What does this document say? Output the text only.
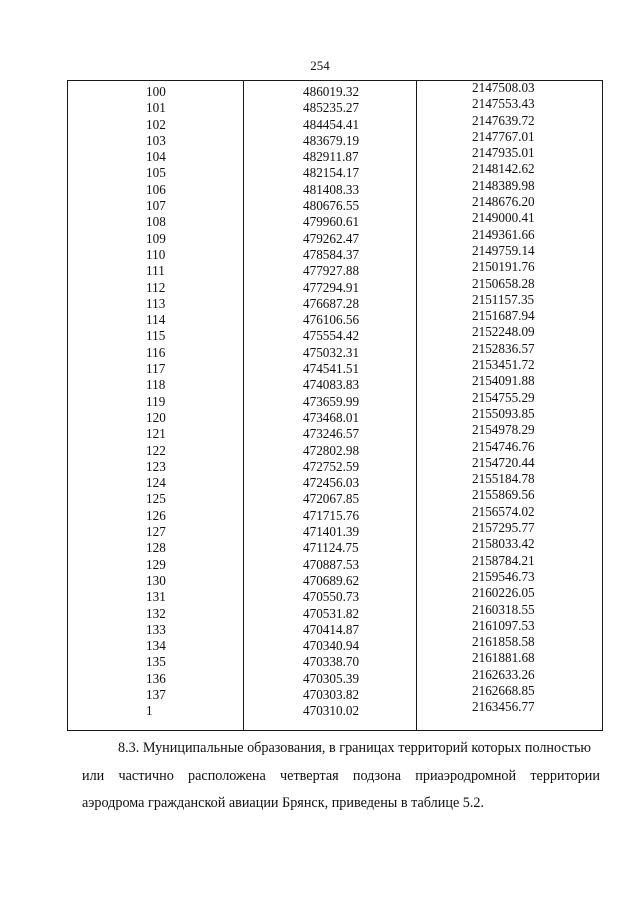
254
100	486019.32	2147508.03
101	485235.27	2147553.43
102	484454.41	2147639.72
103	483679.19	2147767.01
104	482911.87	2147935.01
105	482154.17	2148142.62
106	481408.33	2148389.98
107	480676.55	2148676.20
108	479960.61	2149000.41
109	479262.47	2149361.66
110	478584.37	2149759.14
111	477927.88	2150191.76
112	477294.91	2150658.28
113	476687.28	2151157.35
114	476106.56	2151687.94
115	475554.42	2152248.09
116	475032.31	2152836.57
117	474541.51	2153451.72
118	474083.83	2154091.88
119	473659.99	2154755.29
120	473468.01	2155093.85
121	473246.57	2154978.29
122	472802.98	2154746.76
123	472752.59	2154720.44
124	472456.03	2155184.78
125	472067.85	2155869.56
126	471715.76	2156574.02
127	471401.39	2157295.77
128	471124.75	2158033.42
129	470887.53	2158784.21
130	470689.62	2159546.73
131	470550.73	2160226.05
132	470531.82	2160318.55
133	470414.87	2161097.53
134	470340.94	2161858.58
135	470338.70	2161881.68
136	470305.39	2162633.26
137	470303.82	2162668.85
1	470310.02	2163456.77
8.3. Муниципальные образования, в границах территорий которых полностью
или частично расположена четвертая подзона приаэродромной территории
аэродрома гражданской авиации Брянск, приведены в таблице 5.2.
